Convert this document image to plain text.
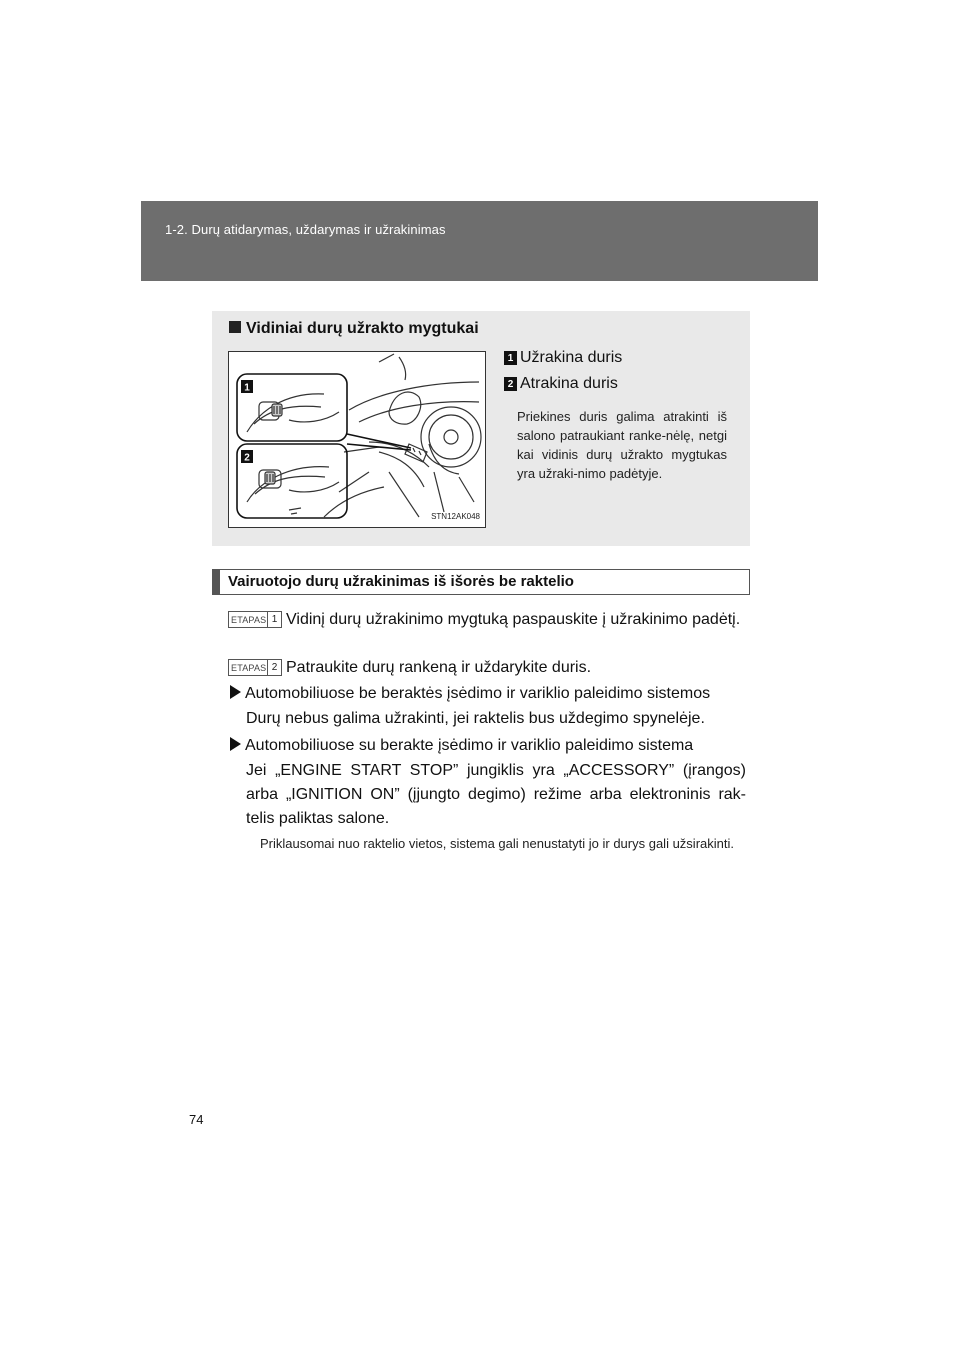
1-2. Durų atidarymas, uždarymas ir užrakinimas
Vidiniai durų užrakto mygtukai
1
2
STN12AK048
1 Užrakina duris
2 Atrakina duris
Priekines duris galima atrakinti iš salono patraukiant ranke-nėlę, netgi kai vidinis durų užrakto mygtukas yra užraki-nimo padėtyje.
Vairuotojo durų užrakinimas iš išorės be raktelio
ETAPAS 1 Vidinį durų užrakinimo mygtuką paspauskite į užrakinimo padėtį.
ETAPAS 2 Patraukite durų rankeną ir uždarykite duris.
Automobiliuose be beraktės įsėdimo ir variklio paleidimo sistemos
Durų nebus galima užrakinti, jei raktelis bus uždegimo spynelėje.
Automobiliuose su berakte įsėdimo ir variklio paleidimo sistema
Jei „ENGINE START STOP” jungiklis yra „ACCESSORY” (įrangos) arba „IGNITION ON” (įjungto degimo) režime arba elektroninis rak-telis paliktas salone.
Priklausomai nuo raktelio vietos, sistema gali nenustatyti jo ir durys gali užsirakinti.
74
